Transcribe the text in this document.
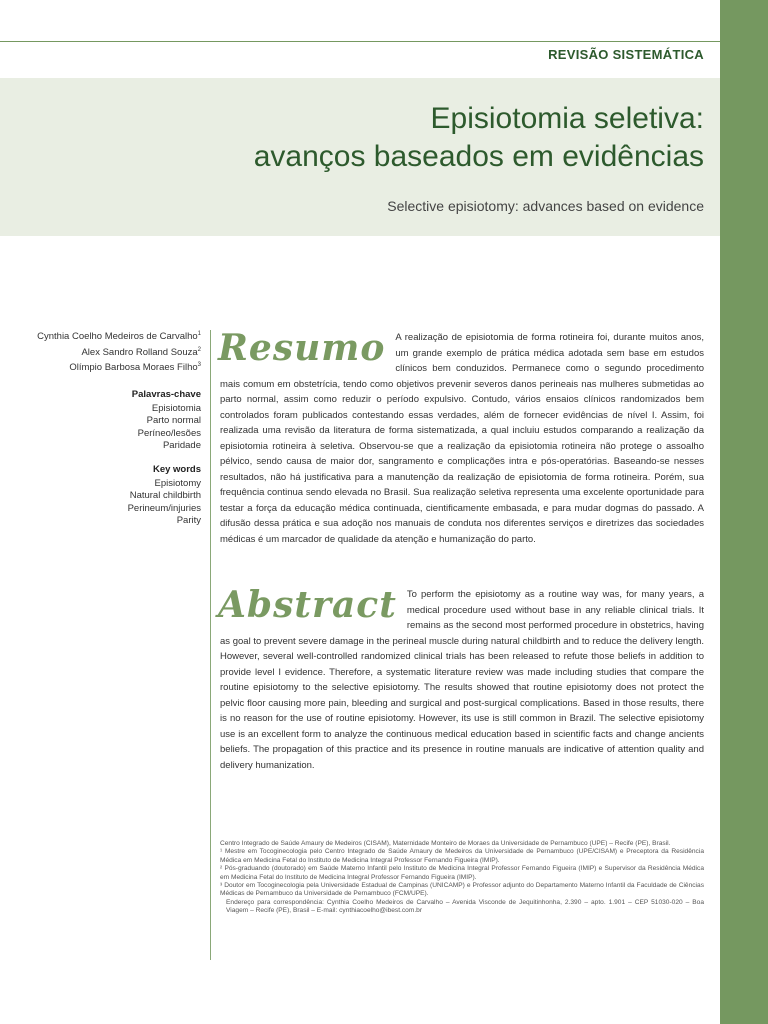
REVISÃO SISTEMÁTICA
Episiotomia seletiva:
avanços baseados em evidências
Selective episiotomy: advances based on evidence
Cynthia Coelho Medeiros de Carvalho$^1$
Alex Sandro Rolland Souza$^2$
Olímpio Barbosa Moraes Filho$^3$
Palavras-chave
Episiotomia
Parto normal
Períneo/lesões
Paridade
Key words
Episiotomy
Natural childbirth
Perineum/injuries
Parity
Resumo A realização de episiotomia de forma rotineira foi, durante muitos anos, um grande exemplo de prática médica adotada sem base em estudos clínicos bem conduzidos. Permanece como o segundo procedimento mais comum em obstetrícia, tendo como objetivos prevenir severos danos perineais nas mulheres submetidas ao parto normal, assim como reduzir o período expulsivo. Contudo, vários ensaios clínicos randomizados bem controlados foram publicados contestando essas verdades, além de fornecer evidências de nível I. Assim, foi realizada uma revisão da literatura de forma sistematizada, a qual incluiu estudos comparando a realização da episiotomia rotineira à seletiva. Observou-se que a realização da episiotomia rotineira não protege o assoalho pélvico, sendo causa de maior dor, sangramento e complicações intra e pós-operatórias. Baseando-se nesses resultados, não há justificativa para a manutenção da realização de episiotomia de forma rotineira. Porém, sua frequência continua sendo elevada no Brasil. Sua realização seletiva representa uma excelente oportunidade para testar a força da educação médica continuada, cientificamente embasada, e para mudar dogmas do passado. A difusão dessa prática e sua adoção nos manuais de conduta nos diferentes serviços e diretrizes das sociedades médicas é um marcador de qualidade da atenção e humanização do parto.
Abstract To perform the episiotomy as a routine way was, for many years, a medical procedure used without base in any reliable clinical trials. It remains as the second most performed procedure in obstetrics, having as goal to prevent severe damage in the perineal muscle during natural childbirth and to reduce the delivery length. However, several well-controlled randomized clinical trials has been released to refute those beliefs in addition to provide level I evidence. Therefore, a systematic literature review was made including studies that compare the routine episiotomy to the selective episiotomy. The results showed that routine episiotomy does not protect the pelvic floor causing more pain, bleeding and surgical and post-surgical complications. Based in those results, there is no reason for the use of routine episiotomy. However, its use is still common in Brazil. The selective episiotomy use is an excellent form to analyze the continuous medical education based in scientific facts and change ancients beliefs. The propagation of this practice and its presence in routine manuals are indicative of attention quality and delivery humanization.

Centro Integrado de Saúde Amaury de Medeiros (CISAM), Maternidade Monteiro de Moraes da Universidade de Pernambuco (UPE) – Recife (PE), Brasil.

¹ Mestre em Tocoginecologia pelo Centro Integrado de Saúde Amaury de Medeiros da Universidade de Pernambuco (UPE/CISAM) e Preceptora da Residência Médica em Medicina Fetal do Instituto de Medicina Integral Professor Fernando Figueira (IMIP).

² Pós-graduando (doutorado) em Saúde Materno Infantil pelo Instituto de Medicina Integral Professor Fernando Figueira (IMIP) e Supervisor da Residência Médica em Medicina Fetal do Instituto de Medicina Integral Professor Fernando Figueira (IMIP).

³ Doutor em Tocoginecologia pela Universidade Estadual de Campinas (UNICAMP) e Professor adjunto do Departamento Materno Infantil da Faculdade de Ciências Médicas de Pernambuco da Universidade de Pernambuco (FCM/UPE).

Endereço para correspondência: Cynthia Coelho Medeiros de Carvalho – Avenida Visconde de Jequitinhonha, 2.390 – apto. 1.901 – CEP 51030-020 – Boa Viagem – Recife (PE), Brasil – E-mail: cynthiacoelho@ibest.com.br
